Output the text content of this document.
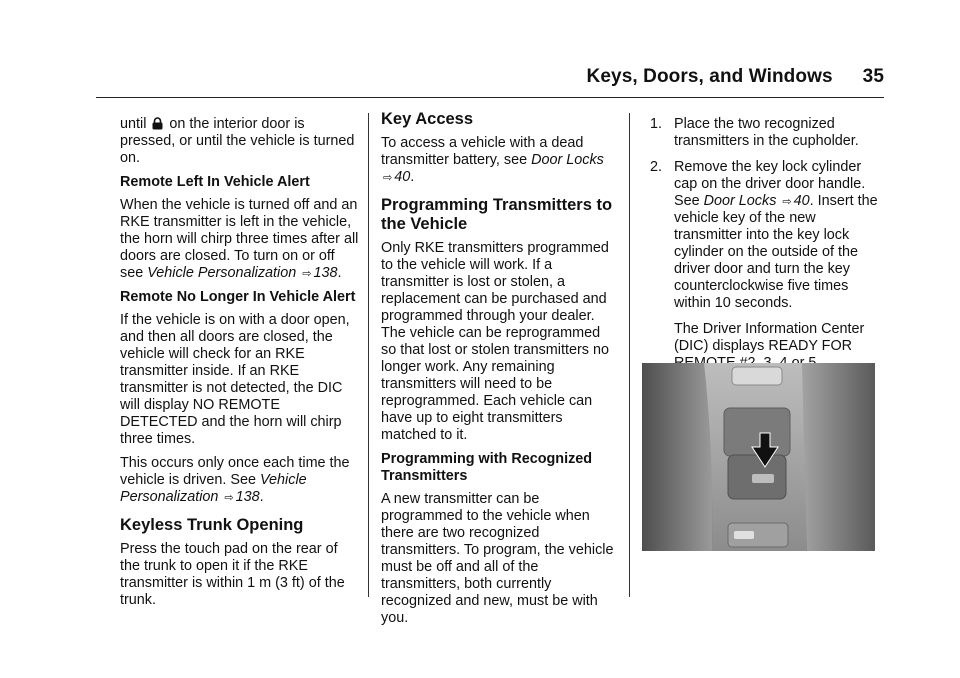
Keys, Doors, and Windows 35

until on the interior door is pressed, or until the vehicle is turned on.

Remote Left In Vehicle Alert

When the vehicle is turned off and an RKE transmitter is left in the vehicle, the horn will chirp three times after all doors are closed. To turn on or off see Vehicle Personalization ⇨ 138.

Remote No Longer In Vehicle Alert

If the vehicle is on with a door open, and then all doors are closed, the vehicle will check for an RKE transmitter inside. If an RKE transmitter is not detected, the DIC will display NO REMOTE DETECTED and the horn will chirp three times.

This occurs only once each time the vehicle is driven. See Vehicle Personalization ⇨ 138.

Keyless Trunk Opening

Press the touch pad on the rear of the trunk to open it if the RKE transmitter is within 1 m (3 ft) of the trunk.

Key Access

To access a vehicle with a dead transmitter battery, see Door Locks ⇨ 40.

Programming Transmitters to the Vehicle

Only RKE transmitters programmed to the vehicle will work. If a transmitter is lost or stolen, a replacement can be purchased and programmed through your dealer. The vehicle can be reprogrammed so that lost or stolen transmitters no longer work. Any remaining transmitters will need to be reprogrammed. Each vehicle can have up to eight transmitters matched to it.

Programming with Recognized Transmitters

A new transmitter can be programmed to the vehicle when there are two recognized transmitters. To program, the vehicle must be off and all of the transmitters, both currently recognized and new, must be with you.

1. Place the two recognized transmitters in the cupholder.

2. Remove the key lock cylinder cap on the driver door handle. See Door Locks ⇨ 40. Insert the vehicle key of the new transmitter into the key lock cylinder on the outside of the driver door and turn the key counterclockwise five times within 10 seconds.

The Driver Information Center (DIC) displays READY FOR
